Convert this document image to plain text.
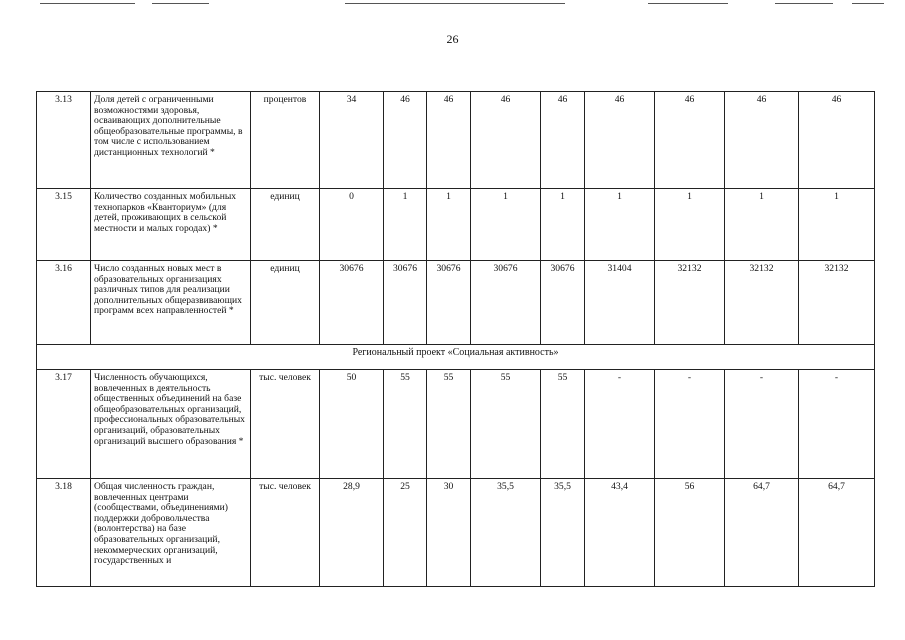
26
3.13	Доля детей с ограниченными возможностями здоровья, осваивающих дополнительные общеобразовательные программы, в том числе с использованием дистанционных технологий *	процентов	34	46	46	46	46	46	46	46	46
3.15	Количество созданных мобильных технопарков «Кванториум» (для детей, проживающих в сельской местности и малых городах) *	единиц	0	1	1	1	1	1	1	1	1
3.16	Число созданных новых мест в образовательных организациях различных типов для реализации дополнительных общеразвивающих программ всех направленностей *	единиц	30676	30676	30676	30676	30676	31404	32132	32132	32132
Региональный проект «Социальная активность»											
3.17	Численность обучающихся, вовлеченных в деятельность общественных объединений на базе общеобразовательных организаций, профессиональных образовательных организаций, образовательных организаций высшего образования *	тыс. человек	50	55	55	55	55	-	-	-	-
3.18	Общая численность граждан, вовлеченных центрами (сообществами, объединениями) поддержки добровольчества (волонтерства) на базе образовательных организаций, некоммерческих организаций, государственных и	тыс. человек	28,9	25	30	35,5	35,5	43,4	56	64,7	64,7
